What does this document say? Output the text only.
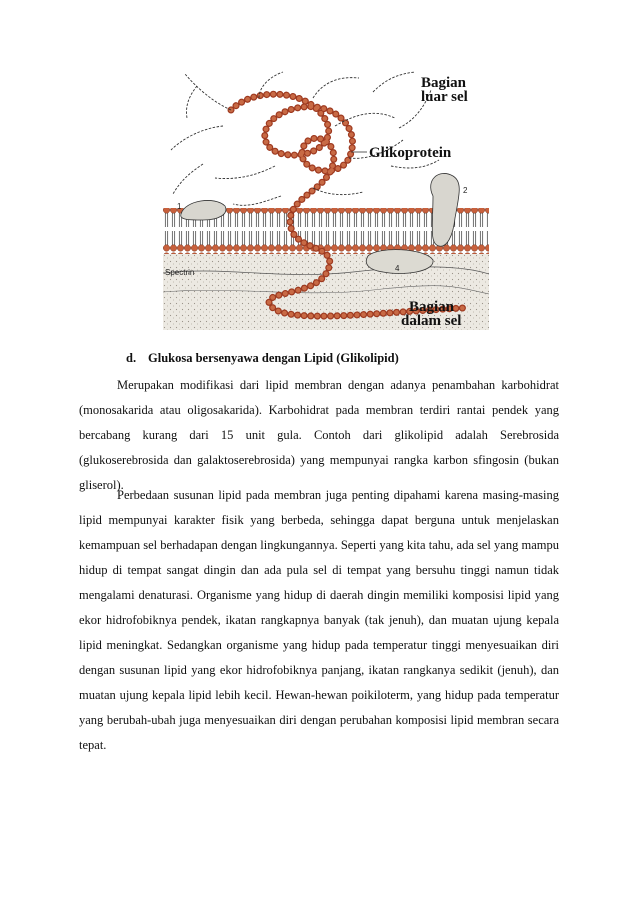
Bagian
luar sel
Glikoprotein
Bagian
dalam sel
1
2
4
Spectrin
d. Glukosa bersenyawa dengan Lipid (Glikolipid)

Merupakan modifikasi dari lipid membran dengan adanya penambahan karbohidrat (monosakarida atau oligosakarida). Karbohidrat pada membran terdiri rantai pendek yang bercabang kurang dari 15 unit gula. Contoh dari glikolipid adalah Serebrosida (glukoserebrosida dan galaktoserebrosida) yang mempunyai rangka karbon sfingosin (bukan gliserol).

Perbedaan susunan lipid pada membran juga penting dipahami karena masing-masing lipid mempunyai karakter fisik yang berbeda, sehingga dapat berguna untuk menjelaskan kemampuan sel berhadapan dengan lingkungannya. Seperti yang kita tahu, ada sel yang mampu hidup di tempat sangat dingin dan ada pula sel di tempat yang bersuhu tinggi namun tidak mengalami denaturasi. Organisme yang hidup di daerah dingin memiliki komposisi lipid yang ekor hidrofobiknya pendek, ikatan rangkapnya banyak (tak jenuh), dan muatan ujung kepala lipid meningkat. Sedangkan organisme yang hidup pada temperatur tinggi menyesuaikan diri dengan susunan lipid yang ekor hidrofobiknya panjang, ikatan rangkanya sedikit (jenuh), dan muatan ujung kepala lipid lebih kecil. Hewan-hewan poikiloterm, yang hidup pada temperatur yang berubah-ubah juga menyesuaikan diri dengan perubahan komposisi lipid membran secara tepat.
